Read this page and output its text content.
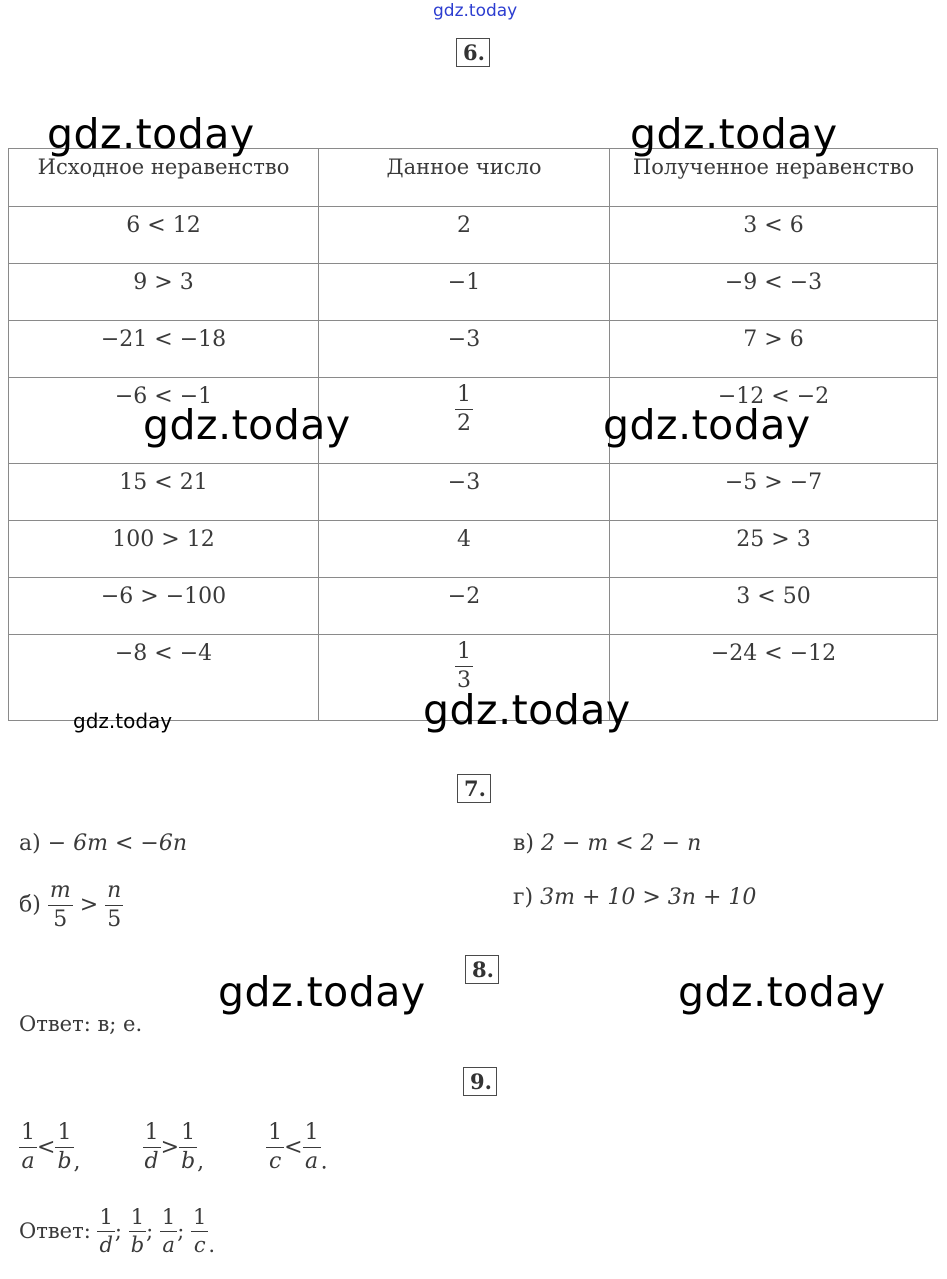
gdz.today
6.
Исходное неравенство	Данное число	Полученное неравенство
6 < 12	2	3 < 6
9 > 3	−1	−9 < −3
−21 < −18	−3	7 > 6
−6 < −1	$\frac{1}{2}$	−12 < −2
15 < 21	−3	−5 > −7
100 > 12	4	25 > 3
−6 > −100	−2	3 < 50
−8 < −4	$\frac{1}{3}$	−24 < −12
gdz.today	gdz.today
gdz.today	gdz.today
gdz.today
gdz.today
7.
а) − 6m < −6n	в) 2 − m < 2 − n
$б) \frac{m}{5} > \frac{n}{5}$	г) 3m + 10 > 3n + 10
8.
gdz.today	gdz.today
Ответ: в; е.
9.
$\frac{1}{a} < \frac{1}{b}$ ,	$\frac{1}{d} > \frac{1}{b}$ ,	$\frac{1}{c} < \frac{1}{a}$ .
Ответ: $\frac{1}{d}$ ; $\frac{1}{b}$ ; $\frac{1}{a}$ ; $\frac{1}{c}$ .
